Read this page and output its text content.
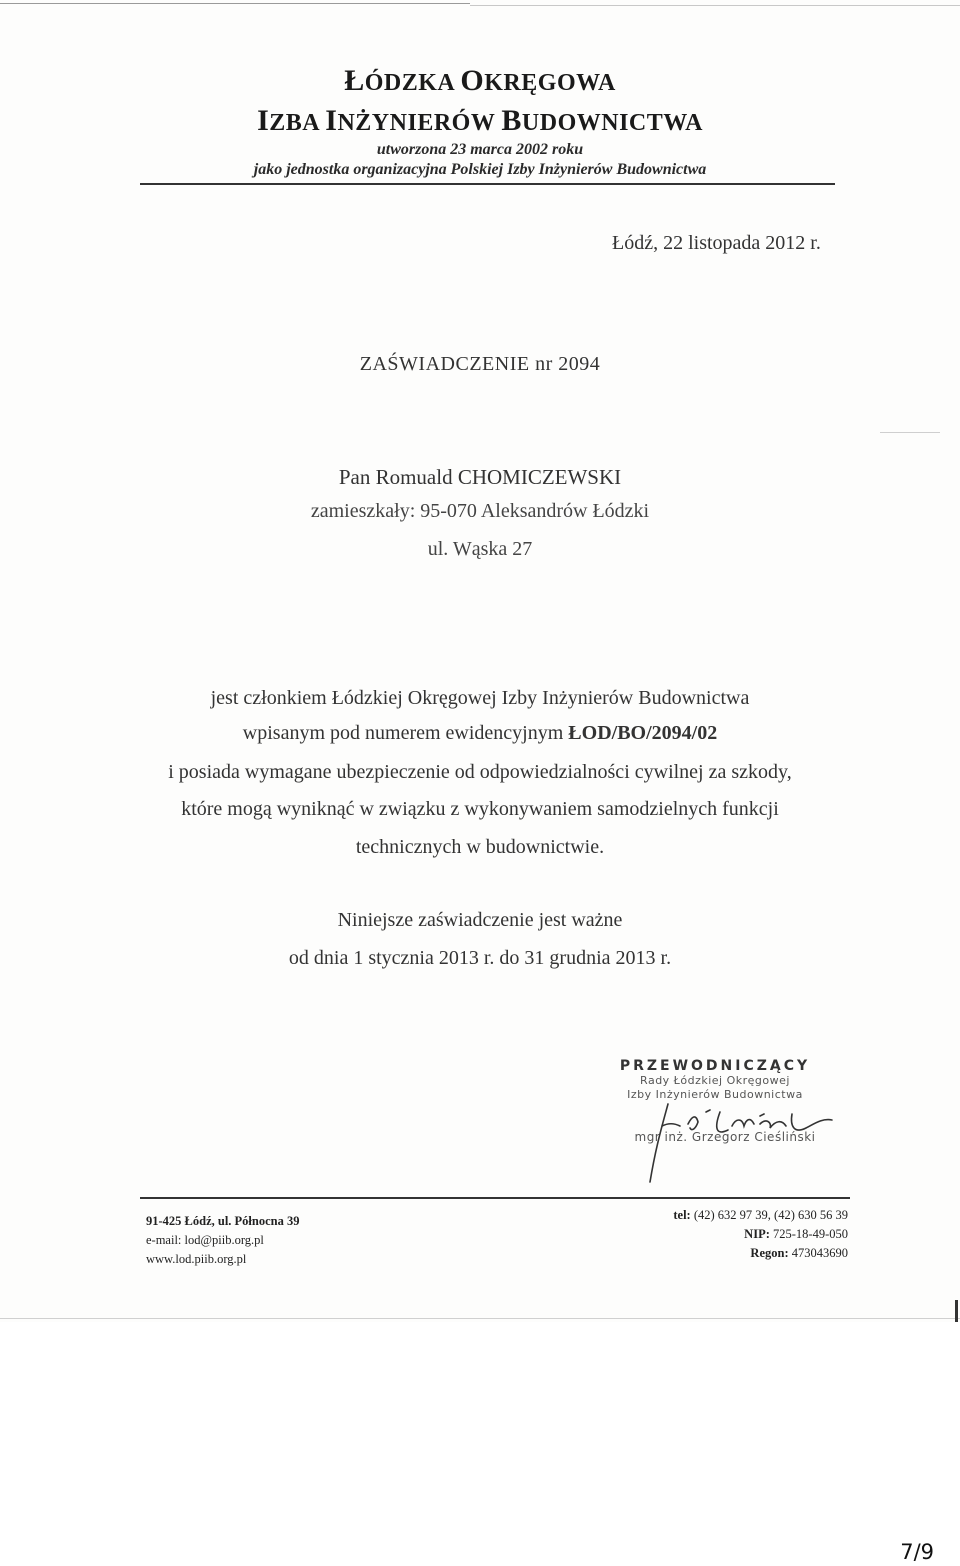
ŁÓDZKA OKRĘGOWA
IZBA INŻYNIERÓW BUDOWNICTWA
utworzona 23 marca 2002 roku
jako jednostka organizacyjna Polskiej Izby Inżynierów Budownictwa
Łódź, 22 listopada 2012 r.
ZAŚWIADCZENIE nr 2094
Pan Romuald CHOMICZEWSKI
zamieszkały: 95-070 Aleksandrów Łódzki
ul. Wąska 27
jest członkiem Łódzkiej Okręgowej Izby Inżynierów Budownictwa
wpisanym pod numerem ewidencyjnym ŁOD/BO/2094/02
i posiada wymagane ubezpieczenie od odpowiedzialności cywilnej za szkody,
które mogą wyniknąć w związku z wykonywaniem samodzielnych funkcji
technicznych w budownictwie.
Niniejsze zaświadczenie jest ważne
od dnia 1 stycznia 2013 r. do 31 grudnia 2013 r.
PRZEWODNICZĄCY
Rady Łódzkiej Okręgowej
Izby Inżynierów Budownictwa
mgr inż. Grzegorz Cieśliński
91-425 Łódź, ul. Północna 39
e-mail: lod@piib.org.pl
www.lod.piib.org.pl
tel: (42) 632 97 39, (42) 630 56 39
NIP: 725-18-49-050
Regon: 473043690
7/9
